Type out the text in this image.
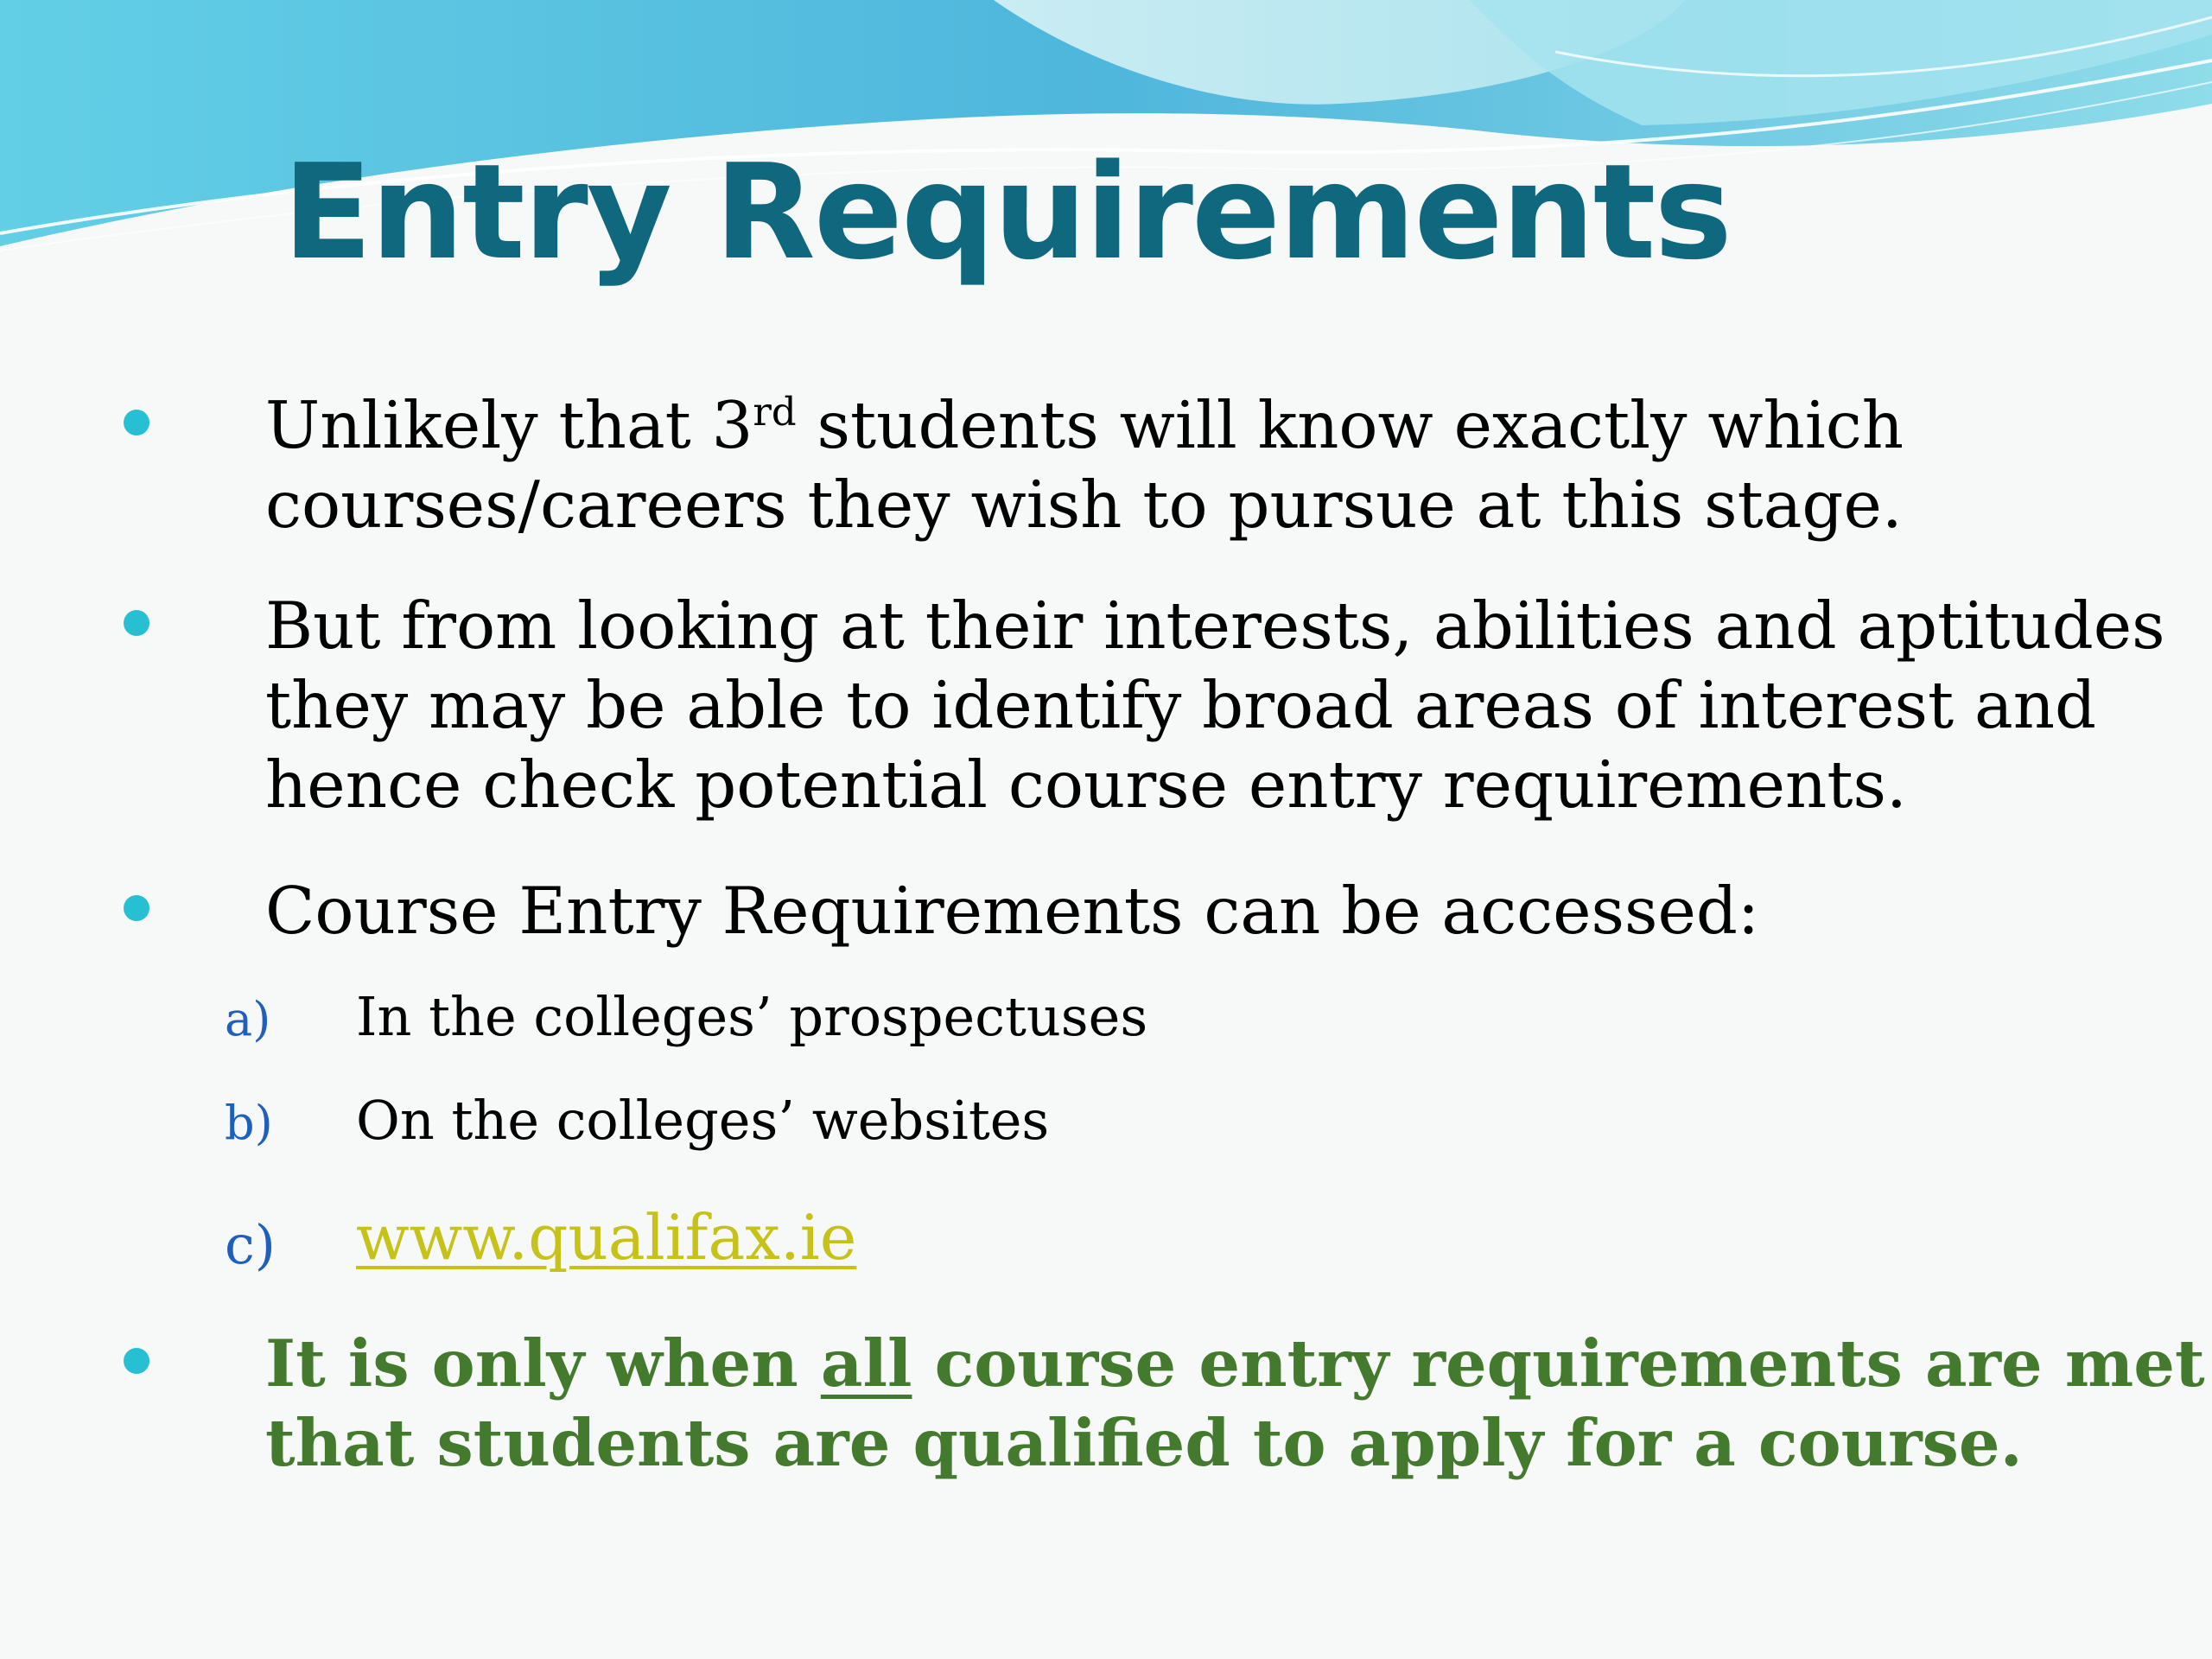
Entry Requirements
Unlikely that 3rd students will know exactly which
courses/careers they wish to pursue at this stage.
But from looking at their interests, abilities and aptitudes
they may be able to identify broad areas of interest and
hence check potential course entry requirements.
Course Entry Requirements can be accessed:
a) In the colleges’ prospectuses
b) On the colleges’ websites
c) www.qualifax.ie
It is only when all course entry requirements are met
that students are qualified to apply for a course.
